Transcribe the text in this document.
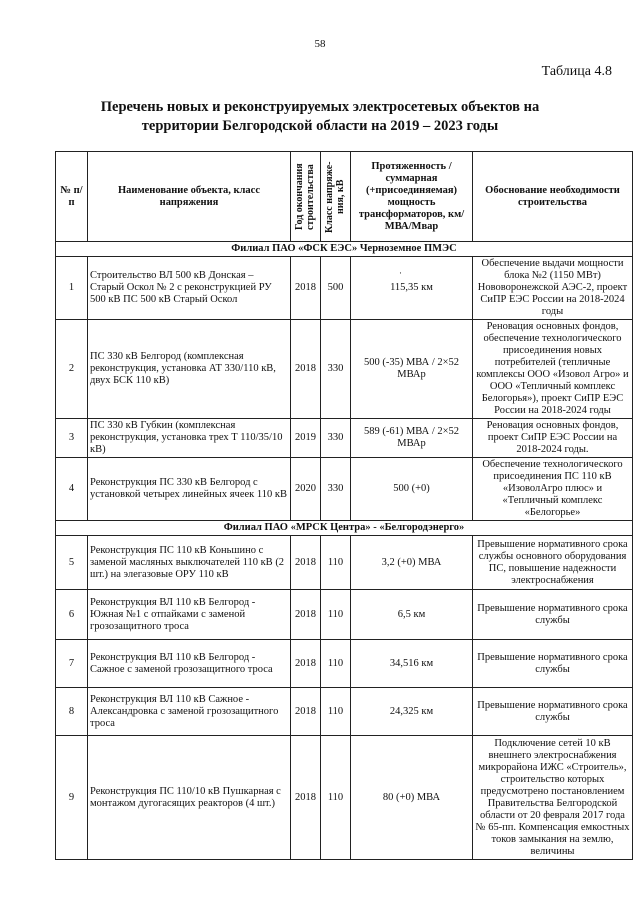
58
Таблица 4.8
Перечень новых и реконструируемых электросетевых объектов на
территории Белгородской области на 2019 – 2023 годы
·
№ п/п	Наименование объекта, класс напряжения	Год окончания строительства	Класс напряже- ния, кВ	Протяженность / суммарная (+присоединяемая) мощность трансформаторов, км/МВА/Мвар	Обоснование необходимости строительства
Филиал ПАО «ФСК ЕЭС» Черноземное ПМЭС					
1	Строительство ВЛ 500 кВ Донская – Старый Оскол № 2 с реконструкцией РУ 500 кВ ПС 500 кВ Старый Оскол	2018	500	115,35 км	Обеспечение выдачи мощности блока №2 (1150 МВт) Нововоронежской АЭС-2, проект СиПР ЕЭС России на 2018-2024 годы
2	ПС 330 кВ Белгород (комплексная реконструкция, установка АТ 330/110 кВ, двух БСК 110 кВ)	2018	330	500 (-35) МВА / 2×52 МВАр	Реновация основных фондов, обеспечение технологического присоединения новых потребителей (тепличные комплексы ООО «Изовол Агро» и ООО «Тепличный комплекс Белогорья»), проект СиПР ЕЭС России на 2018-2024 годы
3	ПС 330 кВ Губкин (комплексная реконструкция, установка трех Т 110/35/10 кВ)	2019	330	589 (-61) МВА / 2×52 МВАр	Реновация основных фондов, проект СиПР ЕЭС России на 2018-2024 годы.
4	Реконструкция ПС 330 кВ Белгород с установкой четырех линейных ячеек 110 кВ	2020	330	500 (+0)	Обеспечение технологического присоединения ПС 110 кВ «ИзоволАгро плюс» и «Тепличный комплекс «Белогорье»
Филиал ПАО «МРСК Центра» - «Белгородэнерго»					
5	Реконструкция ПС 110 кВ Коньшино с заменой масляных выключателей 110 кВ (2 шт.) на элегазовые ОРУ 110 кВ	2018	110	3,2 (+0) МВА	Превышение нормативного срока службы основного оборудования ПС, повышение надежности электроснабжения
6	Реконструкция ВЛ 110 кВ Белгород - Южная №1 с отпайками с заменой грозозащитного троса	2018	110	6,5 км	Превышение нормативного срока службы
7	Реконструкция ВЛ 110 кВ Белгород - Сажное с заменой грозозащитного троса	2018	110	34,516 км	Превышение нормативного срока службы
8	Реконструкция ВЛ 110 кВ Сажное - Александровка с заменой грозозащитного троса	2018	110	24,325 км	Превышение нормативного срока службы
9	Реконструкция ПС 110/10 кВ Пушкарная с монтажом дугогасящих реакторов (4 шт.)	2018	110	80 (+0) МВА	Подключение сетей 10 кВ внешнего электроснабжения микрорайона ИЖС «Строитель», строительство которых предусмотрено постановлением Правительства Белгородской области от 20 февраля 2017 года № 65-пп. Компенсация емкостных токов замыкания на землю, величины
